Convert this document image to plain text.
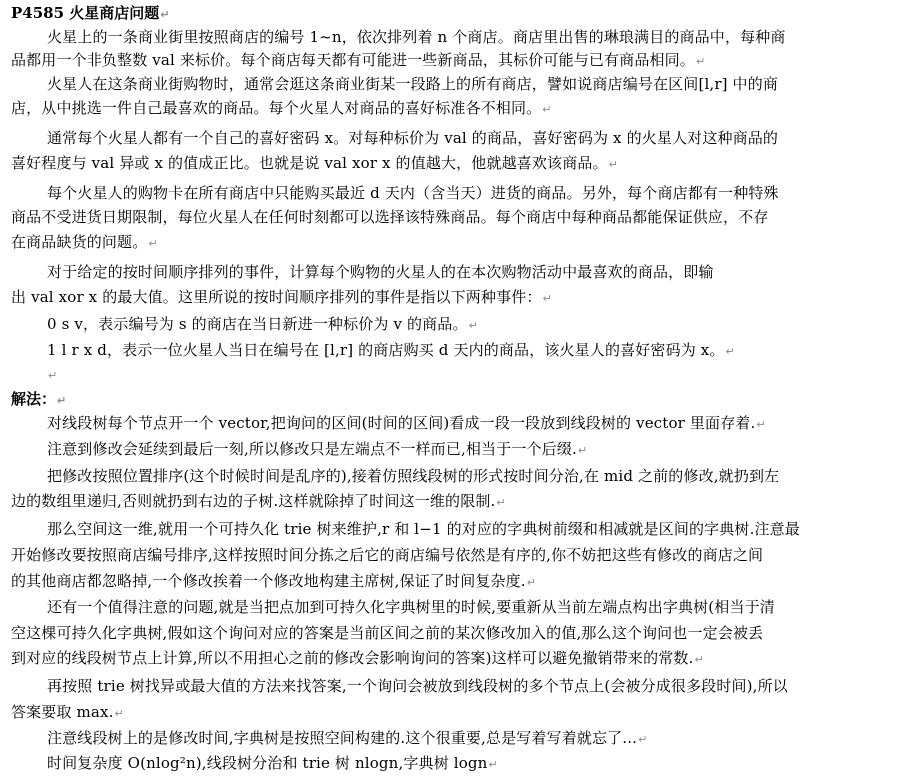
P4585 火星商店问题↵
火星上的一条商业街里按照商店的编号 1~n，依次排列着 n 个商店。商店里出售的琳琅满目的商品中，每种商
品都用一个非负整数 val 来标价。每个商店每天都有可能进一些新商品，其标价可能与已有商品相同。↵
火星人在这条商业街购物时，通常会逛这条商业街某一段路上的所有商店，譬如说商店编号在区间[l,r] 中的商
店，从中挑选一件自己最喜欢的商品。每个火星人对商品的喜好标准各不相同。↵
通常每个火星人都有一个自己的喜好密码 x。对每种标价为 val 的商品，喜好密码为 x 的火星人对这种商品的
喜好程度与 val 异或 x 的值成正比。也就是说 val xor x 的值越大，他就越喜欢该商品。↵
每个火星人的购物卡在所有商店中只能购买最近 d 天内（含当天）进货的商品。另外，每个商店都有一种特殊
商品不受进货日期限制，每位火星人在任何时刻都可以选择该特殊商品。每个商店中每种商品都能保证供应，不存
在商品缺货的问题。↵
对于给定的按时间顺序排列的事件，计算每个购物的火星人的在本次购物活动中最喜欢的商品，即输
出 val xor x 的最大值。这里所说的按时间顺序排列的事件是指以下两种事件：↵
0 s v，表示编号为 s 的商店在当日新进一种标价为 v 的商品。↵
1 l r x d，表示一位火星人当日在编号在 [l,r] 的商店购买 d 天内的商品，该火星人的喜好密码为 x。↵
↵
解法：↵
对线段树每个节点开一个 vector,把询问的区间(时间的区间)看成一段一段放到线段树的 vector 里面存着.↵
注意到修改会延续到最后一刻,所以修改只是左端点不一样而已,相当于一个后缀.↵
把修改按照位置排序(这个时候时间是乱序的),接着仿照线段树的形式按时间分治,在 mid 之前的修改,就扔到左
边的数组里递归,否则就扔到右边的子树.这样就除掉了时间这一维的限制.↵
那么空间这一维,就用一个可持久化 trie 树来维护,r 和 l−1 的对应的字典树前缀和相减就是区间的字典树.注意最
开始修改要按照商店编号排序,这样按照时间分拣之后它的商店编号依然是有序的,你不妨把这些有修改的商店之间
的其他商店都忽略掉,一个修改挨着一个修改地构建主席树,保证了时间复杂度.↵
还有一个值得注意的问题,就是当把点加到可持久化字典树里的时候,要重新从当前左端点构出字典树(相当于清
空这棵可持久化字典树,假如这个询问对应的答案是当前区间之前的某次修改加入的值,那么这个询问也一定会被丢
到对应的线段树节点上计算,所以不用担心之前的修改会影响询问的答案)这样可以避免撤销带来的常数.↵
再按照 trie 树找异或最大值的方法来找答案,一个询问会被放到线段树的多个节点上(会被分成很多段时间),所以
答案要取 max.↵
注意线段树上的是修改时间,字典树是按照空间构建的.这个很重要,总是写着写着就忘了...↵
时间复杂度 O(nlog²n),线段树分治和 trie 树 nlogn,字典树 logn↵
